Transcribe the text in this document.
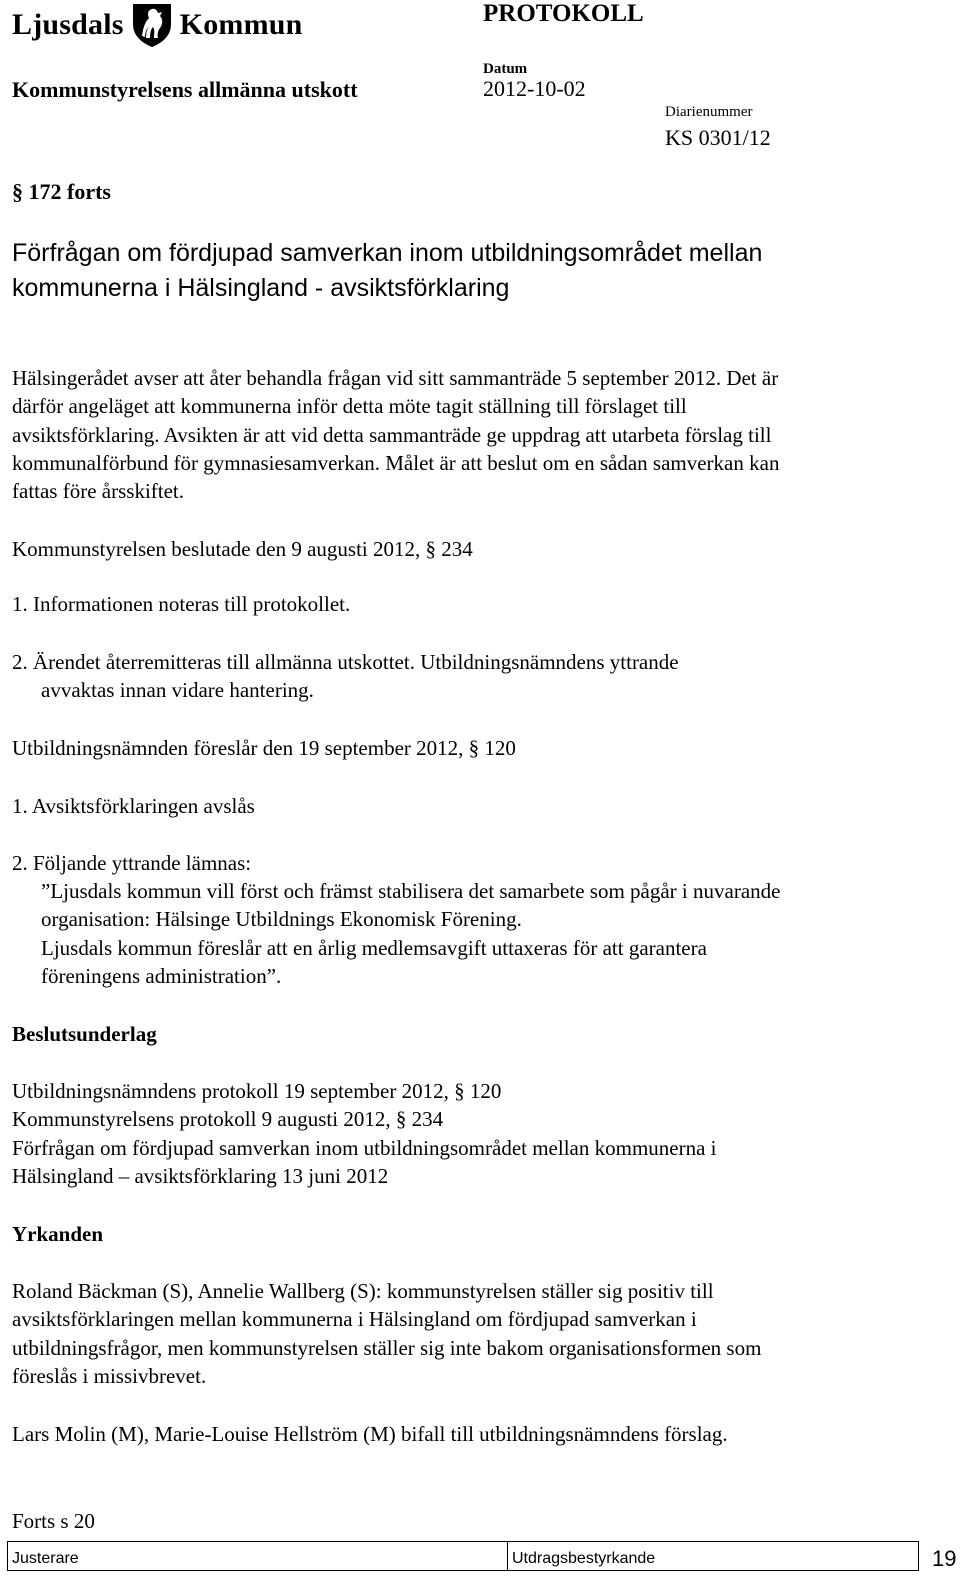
Ljusdals Kommun	PROTOKOLL
Kommunstyrelsens allmänna utskott
Datum
2012-10-02
Diarienummer
KS 0301/12
§ 172 forts
Förfrågan om fördjupad samverkan inom utbildningsområdet mellan
kommunerna i Hälsingland - avsiktsförklaring
Hälsingerådet avser att åter behandla frågan vid sitt sammanträde 5 september 2012. Det är
därför angeläget att kommunerna inför detta möte tagit ställning till förslaget till
avsiktsförklaring. Avsikten är att vid detta sammanträde ge uppdrag att utarbeta förslag till
kommunalförbund för gymnasiesamverkan. Målet är att beslut om en sådan samverkan kan
fattas före årsskiftet.
Kommunstyrelsen beslutade den 9 augusti 2012, § 234
1. Informationen noteras till protokollet.
2. Ärendet återremitteras till allmänna utskottet. Utbildningsnämndens yttrande
avvaktas innan vidare hantering.
Utbildningsnämnden föreslår den 19 september 2012, § 120
1. Avsiktsförklaringen avslås
2. Följande yttrande lämnas:
”Ljusdals kommun vill först och främst stabilisera det samarbete som pågår i nuvarande
organisation: Hälsinge Utbildnings Ekonomisk Förening.
Ljusdals kommun föreslår att en årlig medlemsavgift uttaxeras för att garantera
föreningens administration”.
Beslutsunderlag
Utbildningsnämndens protokoll 19 september 2012, § 120
Kommunstyrelsens protokoll 9 augusti 2012, § 234
Förfrågan om fördjupad samverkan inom utbildningsområdet mellan kommunerna i
Hälsingland – avsiktsförklaring 13 juni 2012
Yrkanden
Roland Bäckman (S), Annelie Wallberg (S): kommunstyrelsen ställer sig positiv till
avsiktsförklaringen mellan kommunerna i Hälsingland om fördjupad samverkan i
utbildningsfrågor, men kommunstyrelsen ställer sig inte bakom organisationsformen som
föreslås i missivbrevet.
Lars Molin (M), Marie-Louise Hellström (M) bifall till utbildningsnämndens förslag.
Forts s 20
Justerare	Utdragsbestyrkande	19
